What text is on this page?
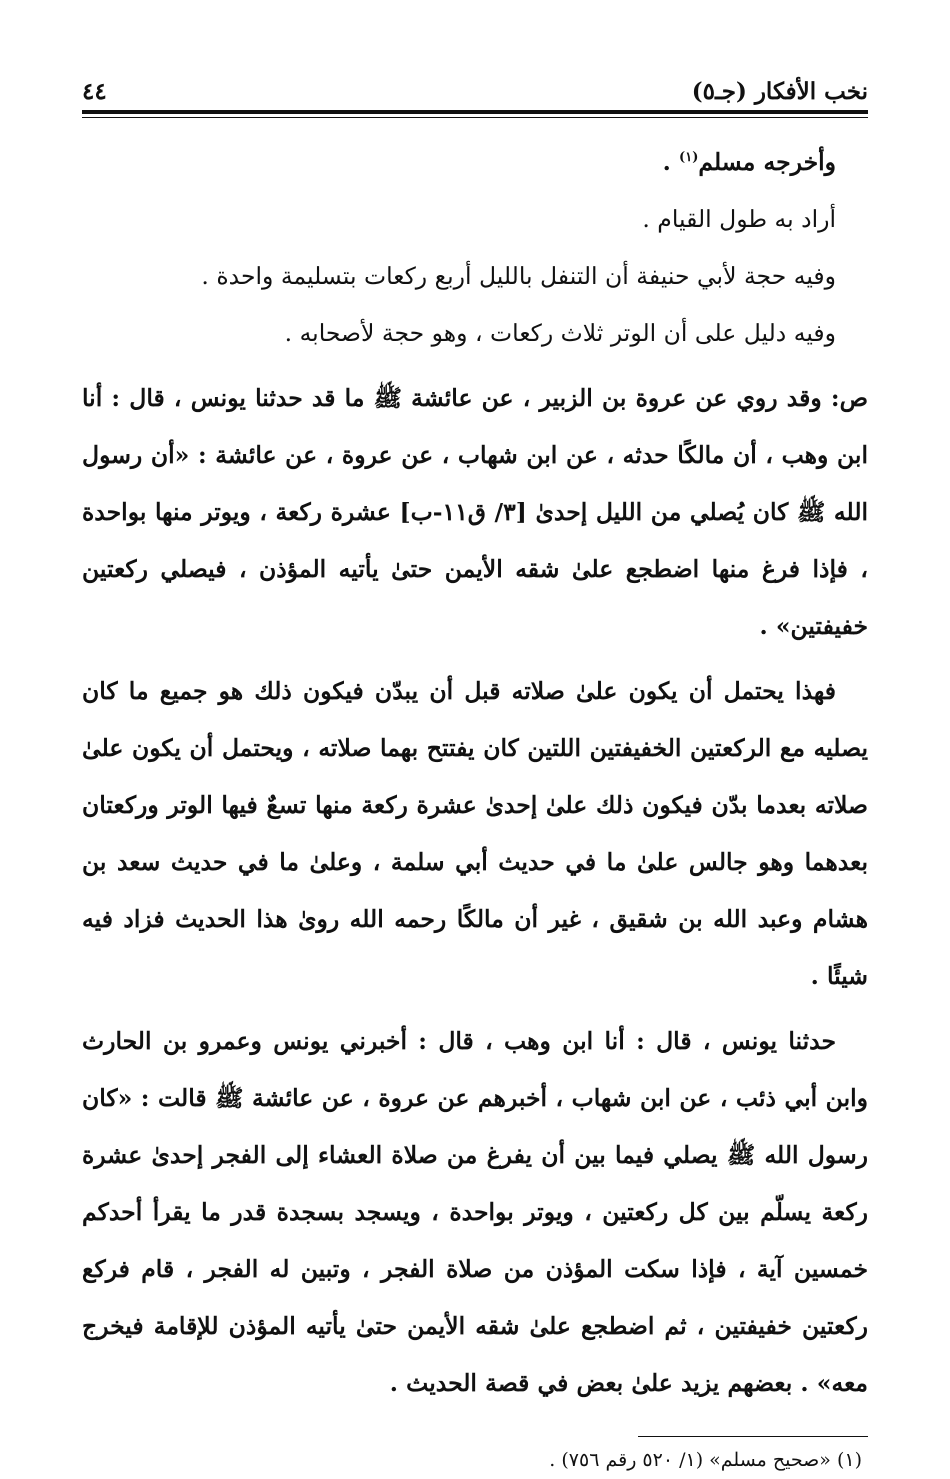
نخب الأفكار (جـ٥)
٤٤

وأخرجه مسلم$^{(١)}$ .

أراد به طول القيام .

وفيه حجة لأبي حنيفة أن التنفل بالليل أربع ركعات بتسليمة واحدة .

وفيه دليل على أن الوتر ثلاث ركعات ، وهو حجة لأصحابه .

ص: وقد روي عن عروة بن الزبير ، عن عائشة ﷺ ما قد حدثنا يونس ، قال : أنا ابن وهب ، أن مالكًا حدثه ، عن ابن شهاب ، عن عروة ، عن عائشة : «أن رسول الله ﷺ كان يُصلي من الليل إحدىٰ [٣/ ق١١-ب] عشرة ركعة ، ويوتر منها بواحدة ، فإذا فرغ منها اضطجع علىٰ شقه الأيمن حتىٰ يأتيه المؤذن ، فيصلي ركعتين خفيفتين» .

فهذا يحتمل أن يكون علىٰ صلاته قبل أن يبدّن فيكون ذلك هو جميع ما كان يصليه مع الركعتين الخفيفتين اللتين كان يفتتح بهما صلاته ، ويحتمل أن يكون علىٰ صلاته بعدما بدّن فيكون ذلك علىٰ إحدىٰ عشرة ركعة منها تسعٌ فيها الوتر وركعتان بعدهما وهو جالس علىٰ ما في حديث أبي سلمة ، وعلىٰ ما في حديث سعد بن هشام وعبد الله بن شقيق ، غير أن مالكًا رحمه الله روىٰ هذا الحديث فزاد فيه شيئًا .

حدثنا يونس ، قال : أنا ابن وهب ، قال : أخبرني يونس وعمرو بن الحارث وابن أبي ذئب ، عن ابن شهاب ، أخبرهم عن عروة ، عن عائشة ﷺ قالت : «كان رسول الله ﷺ يصلي فيما بين أن يفرغ من صلاة العشاء إلى الفجر إحدىٰ عشرة ركعة يسلّم بين كل ركعتين ، ويوتر بواحدة ، ويسجد بسجدة قدر ما يقرأ أحدكم خمسين آية ، فإذا سكت المؤذن من صلاة الفجر ، وتبين له الفجر ، قام فركع ركعتين خفيفتين ، ثم اضطجع علىٰ شقه الأيمن حتىٰ يأتيه المؤذن للإقامة فيخرج معه» . بعضهم يزيد علىٰ بعض في قصة الحديث .

(١) «صحيح مسلم» (١/ ٥٢٠ رقم ٧٥٦) .
